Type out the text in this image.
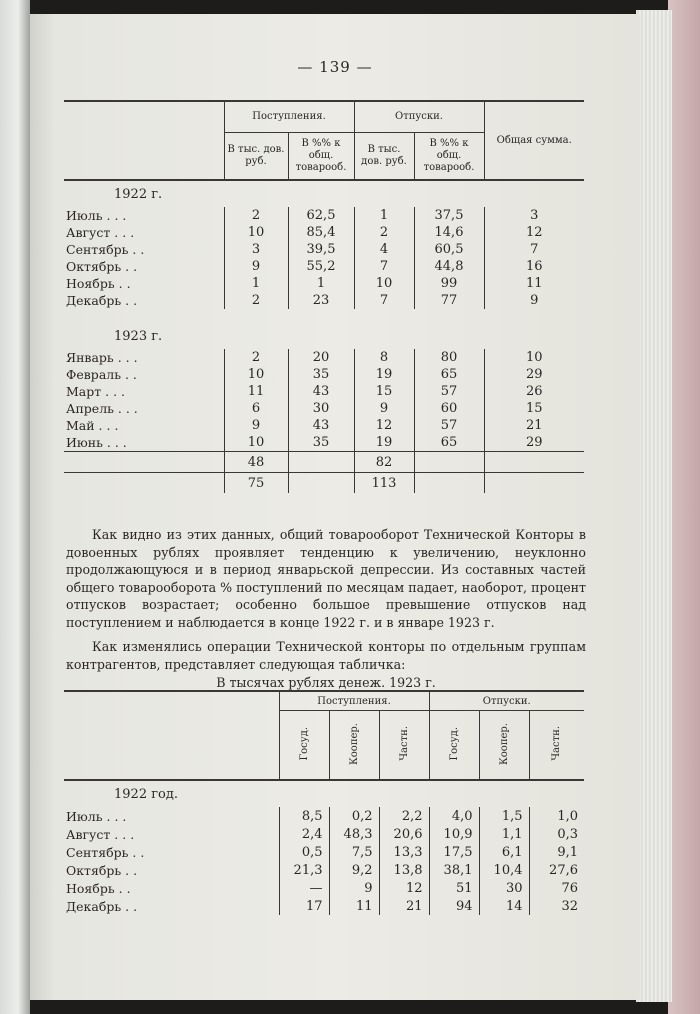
— 139 —
	Поступления.		Отпуски.		Общая сумма.
	В тыс. дов. руб.	В %% к общ. товарооб.	В тыс. дов. руб.	В %% к общ. товарооб.	
1922 г.					
Июль . . .	2	62,5	1	37,5	3
Август . . .	10	85,4	2	14,6	12
Сентябрь . .	3	39,5	4	60,5	7
Октябрь . .	9	55,2	7	44,8	16
Ноябрь . .	1	1	10	99	11
Декабрь . .	2	23	7	77	9
1923 г.					
Январь . . .	2	20	8	80	10
Февраль . .	10	35	19	65	29
Март . . .	11	43	15	57	26
Апрель . . .	6	30	9	60	15
Май . . .	9	43	12	57	21
Июнь . . .	10	35	19	65	29
	48		82		
	75		113		
Как видно из этих данных, общий товарооборот Технической Конторы в довоенных рублях проявляет тенденцию к увеличению, неуклонно продолжающуюся и в период январьской депрессии. Из составных частей общего товарооборота % поступлений по месяцам падает, наоборот, процент отпусков возрастает; особенно большое превышение отпусков над поступлением и наблюдается в конце 1922 г. и в январе 1923 г.
Как изменялись операции Технической конторы по отдельным группам контрагентов, представляет следующая табличка:
В тысячах рублях денеж. 1923 г.
	Поступления.			Отпуски.		
	Госуд.	Коопер.	Частн.	Госуд.	Коопер.	Частн.
1922 год.						
Июль . . .	8,5	0,2	2,2	4,0	1,5	1,0
Август . . .	2,4	48,3	20,6	10,9	1,1	0,3
Сентябрь . .	0,5	7,5	13,3	17,5	6,1	9,1
Октябрь . .	21,3	9,2	13,8	38,1	10,4	27,6
Ноябрь . .	—	9	12	51	30	76
Декабрь . .	17	11	21	94	14	32
